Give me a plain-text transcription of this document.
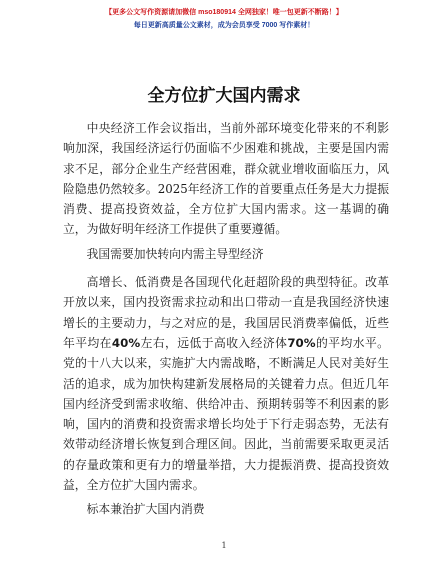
【更多公文写作资源请加微信 mso180914 全网独家！唯一包更新不断路！】
每日更新高质量公文素材，成为会员享受 7000 写作素材！
全方位扩大国内需求

中央经济工作会议指出，当前外部环境变化带来的不利影响加深，我国经济运行仍面临不少困难和挑战，主要是国内需求不足，部分企业生产经营困难，群众就业增收面临压力，风险隐患仍然较多。2025年经济工作的首要重点任务是大力提振消费、提高投资效益，全方位扩大国内需求。这一基调的确立，为做好明年经济工作提供了重要遵循。

我国需要加快转向内需主导型经济

高增长、低消费是各国现代化赶超阶段的典型特征。改革开放以来，国内投资需求拉动和出口带动一直是我国经济快速增长的主要动力，与之对应的是，我国居民消费率偏低，近些年平均在40%左右，远低于高收入经济体70%的平均水平。党的十八大以来，实施扩大内需战略，不断满足人民对美好生活的追求，成为加快构建新发展格局的关键着力点。但近几年国内经济受到需求收缩、供给冲击、预期转弱等不利因素的影响，国内的消费和投资需求增长均处于下行走弱态势，无法有效带动经济增长恢复到合理区间。因此，当前需要采取更灵活的存量政策和更有力的增量举措，大力提振消费、提高投资效益，全方位扩大国内需求。

标本兼治扩大国内消费

1
